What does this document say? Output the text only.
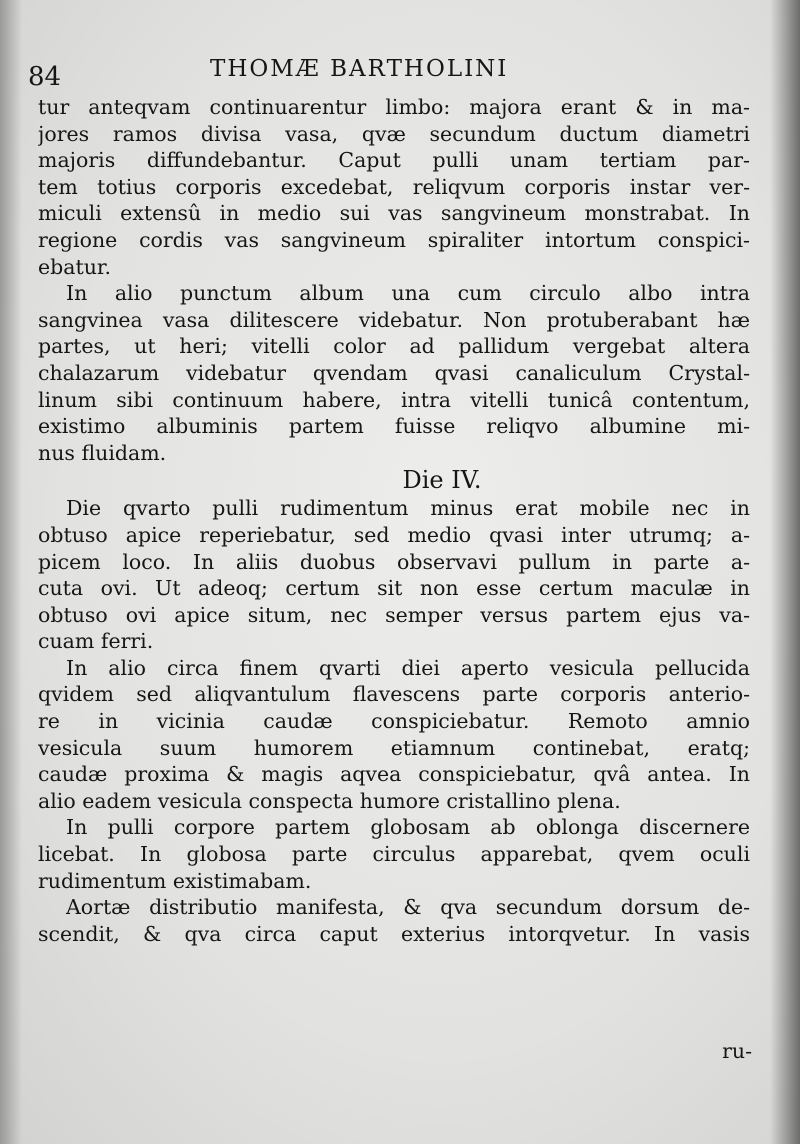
84	THOMÆ BARTHOLINI
tur anteqvam continuarentur limbo: majora erant & in ma-
jores ramos divisa vasa, qvæ secundum ductum diametri
majoris diffundebantur. Caput pulli unam tertiam par-
tem totius corporis excedebat, reliqvum corporis instar ver-
miculi extensû in medio sui vas sangvineum monstrabat. In
regione cordis vas sangvineum spiraliter intortum conspici-
ebatur.
In alio punctum album una cum circulo albo intra
sangvinea vasa dilitescere videbatur. Non protuberabant hæ
partes, ut heri; vitelli color ad pallidum vergebat altera
chalazarum videbatur qvendam qvasi canaliculum Crystal-
linum sibi continuum habere, intra vitelli tunicâ contentum,
existimo albuminis partem fuisse reliqvo albumine mi-
nus fluidam.
Die IV.
Die qvarto pulli rudimentum minus erat mobile nec in
obtuso apice reperiebatur, sed medio qvasi inter utrumq; a-
picem loco. In aliis duobus observavi pullum in parte a-
cuta ovi. Ut adeoq; certum sit non esse certum maculæ in
obtuso ovi apice situm, nec semper versus partem ejus va-
cuam ferri.
In alio circa finem qvarti diei aperto vesicula pellucida
qvidem sed aliqvantulum flavescens parte corporis anterio-
re in vicinia caudæ conspiciebatur. Remoto amnio
vesicula suum humorem etiamnum continebat, eratq;
caudæ proxima & magis aqvea conspiciebatur, qvâ antea. In
alio eadem vesicula conspecta humore cristallino plena.
In pulli corpore partem globosam ab oblonga discernere
licebat. In globosa parte circulus apparebat, qvem oculi
rudimentum existimabam.
Aortæ distributio manifesta, & qva secundum dorsum de-
scendit, & qva circa caput exterius intorqvetur. In vasis
ru-
